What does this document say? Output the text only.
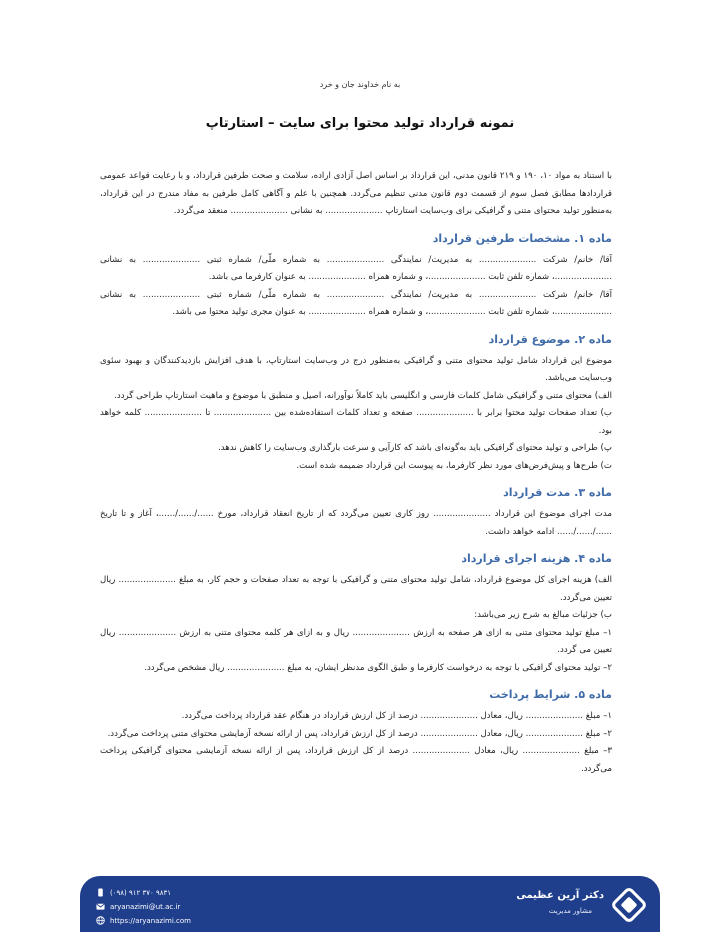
به نام خداوند جان و خرد
نمونه قرارداد تولید محتوا برای سایت – استارتاپ

با استناد به مواد ۱۰، ۱۹۰ و ۲۱۹ قانون مدنی، این قرارداد بر اساس اصل آزادی اراده، سلامت و صحت طرفین قرارداد، و با رعایت قواعد عمومی قراردادها مطابق فصل سوم از قسمت دوم قانون مدنی تنظیم می‌گردد. همچنین با علم و آگاهی کامل طرفین به مفاد مندرج در این قرارداد، به‌منظور تولید محتوای متنی و گرافیکی برای وب‌سایت استارتاپ ..................... به نشانی ..................... منعقد می‌گردد.

ماده ۱. مشخصات طرفین قرارداد

آقا/ خانم/ شرکت ..................... به مدیریت/ نمایندگی ..................... به شماره ملّی/ شماره ثبتی ..................... به نشانی .....................، شماره تلفن ثابت .....................، و شماره همراه ..................... به عنوان کارفرما می باشد.

آقا/ خانم/ شرکت ..................... به مدیریت/ نمایندگی ..................... به شماره ملّی/ شماره ثبتی ..................... به نشانی .....................، شماره تلفن ثابت .....................، و شماره همراه ..................... به عنوان مجری تولید محتوا می باشد.

ماده ۲. موضوع قرارداد

موضوع این قرارداد شامل تولید محتوای متنی و گرافیکی به‌منظور درج در وب‌سایت استارتاپ، با هدف افزایش بازدیدکنندگان و بهبود سئوی وب‌سایت می‌باشد.

الف) محتوای متنی و گرافیکی شامل کلمات فارسی و انگلیسی باید کاملاً نوآورانه، اصیل و منطبق با موضوع و ماهیت استارتاپ طراحی گردد.

ب) تعداد صفحات تولید محتوا برابر با ..................... صفحه و تعداد کلمات استفاده‌شده بین ..................... تا ..................... کلمه خواهد بود.

پ) طراحی و تولید محتوای گرافیکی باید به‌گونه‌ای باشد که کارآیی و سرعت بارگذاری وب‌سایت را کاهش ندهد.

ت) طرح‌ها و پیش‌فرض‌های مورد نظر کارفرما، به پیوست این قرارداد ضمیمه شده است.

ماده ۳. مدت قرارداد

مدت اجرای موضوع این قرارداد ..................... روز کاری تعیین می‌گردد که از تاریخ انعقاد قرارداد، مورخ ....../....../......، آغاز و تا تاریخ ....../....../...... ادامه خواهد داشت.

ماده ۴. هزینه اجرای قرارداد

الف) هزینه اجرای کل موضوع قرارداد، شامل تولید محتوای متنی و گرافیکی با توجه به تعداد صفحات و حجم کار، به مبلغ ..................... ریال تعیین می‌گردد.

ب) جزئیات مبالغ به شرح زیر می‌باشد:

۱– مبلغ تولید محتوای متنی به ازای هر صفحه به ارزش ..................... ریال و به ازای هر کلمه محتوای متنی به ارزش ..................... ریال تعیین می گردد.

۲– تولید محتوای گرافیکی با توجه به درخواست کارفرما و طبق الگوی مدنظر ایشان، به مبلغ ..................... ریال مشخص می‌گردد.

ماده ۵. شرایط پرداخت

۱– مبلغ ..................... ریال، معادل ..................... درصد از کل ارزش قرارداد در هنگام عقد قرارداد پرداخت می‌گردد.

۲– مبلغ ..................... ریال، معادل ..................... درصد از کل ارزش قرارداد، پس از ارائه نسخه آزمایشی محتوای متنی پرداخت می‌گردد.

۳– مبلغ ..................... ریال، معادل ..................... درصد از کل ارزش قرارداد، پس از ارائه نسخه آزمایشی محتوای گرافیکی پرداخت می‌گردد.

دکتر آرین عظیمی
مشاور مدیریت
(۰۹۸) ۹۱۲ ۳۷۰ ۹۸۳۱
aryanazimi@ut.ac.ir
https://aryanazimi.com
